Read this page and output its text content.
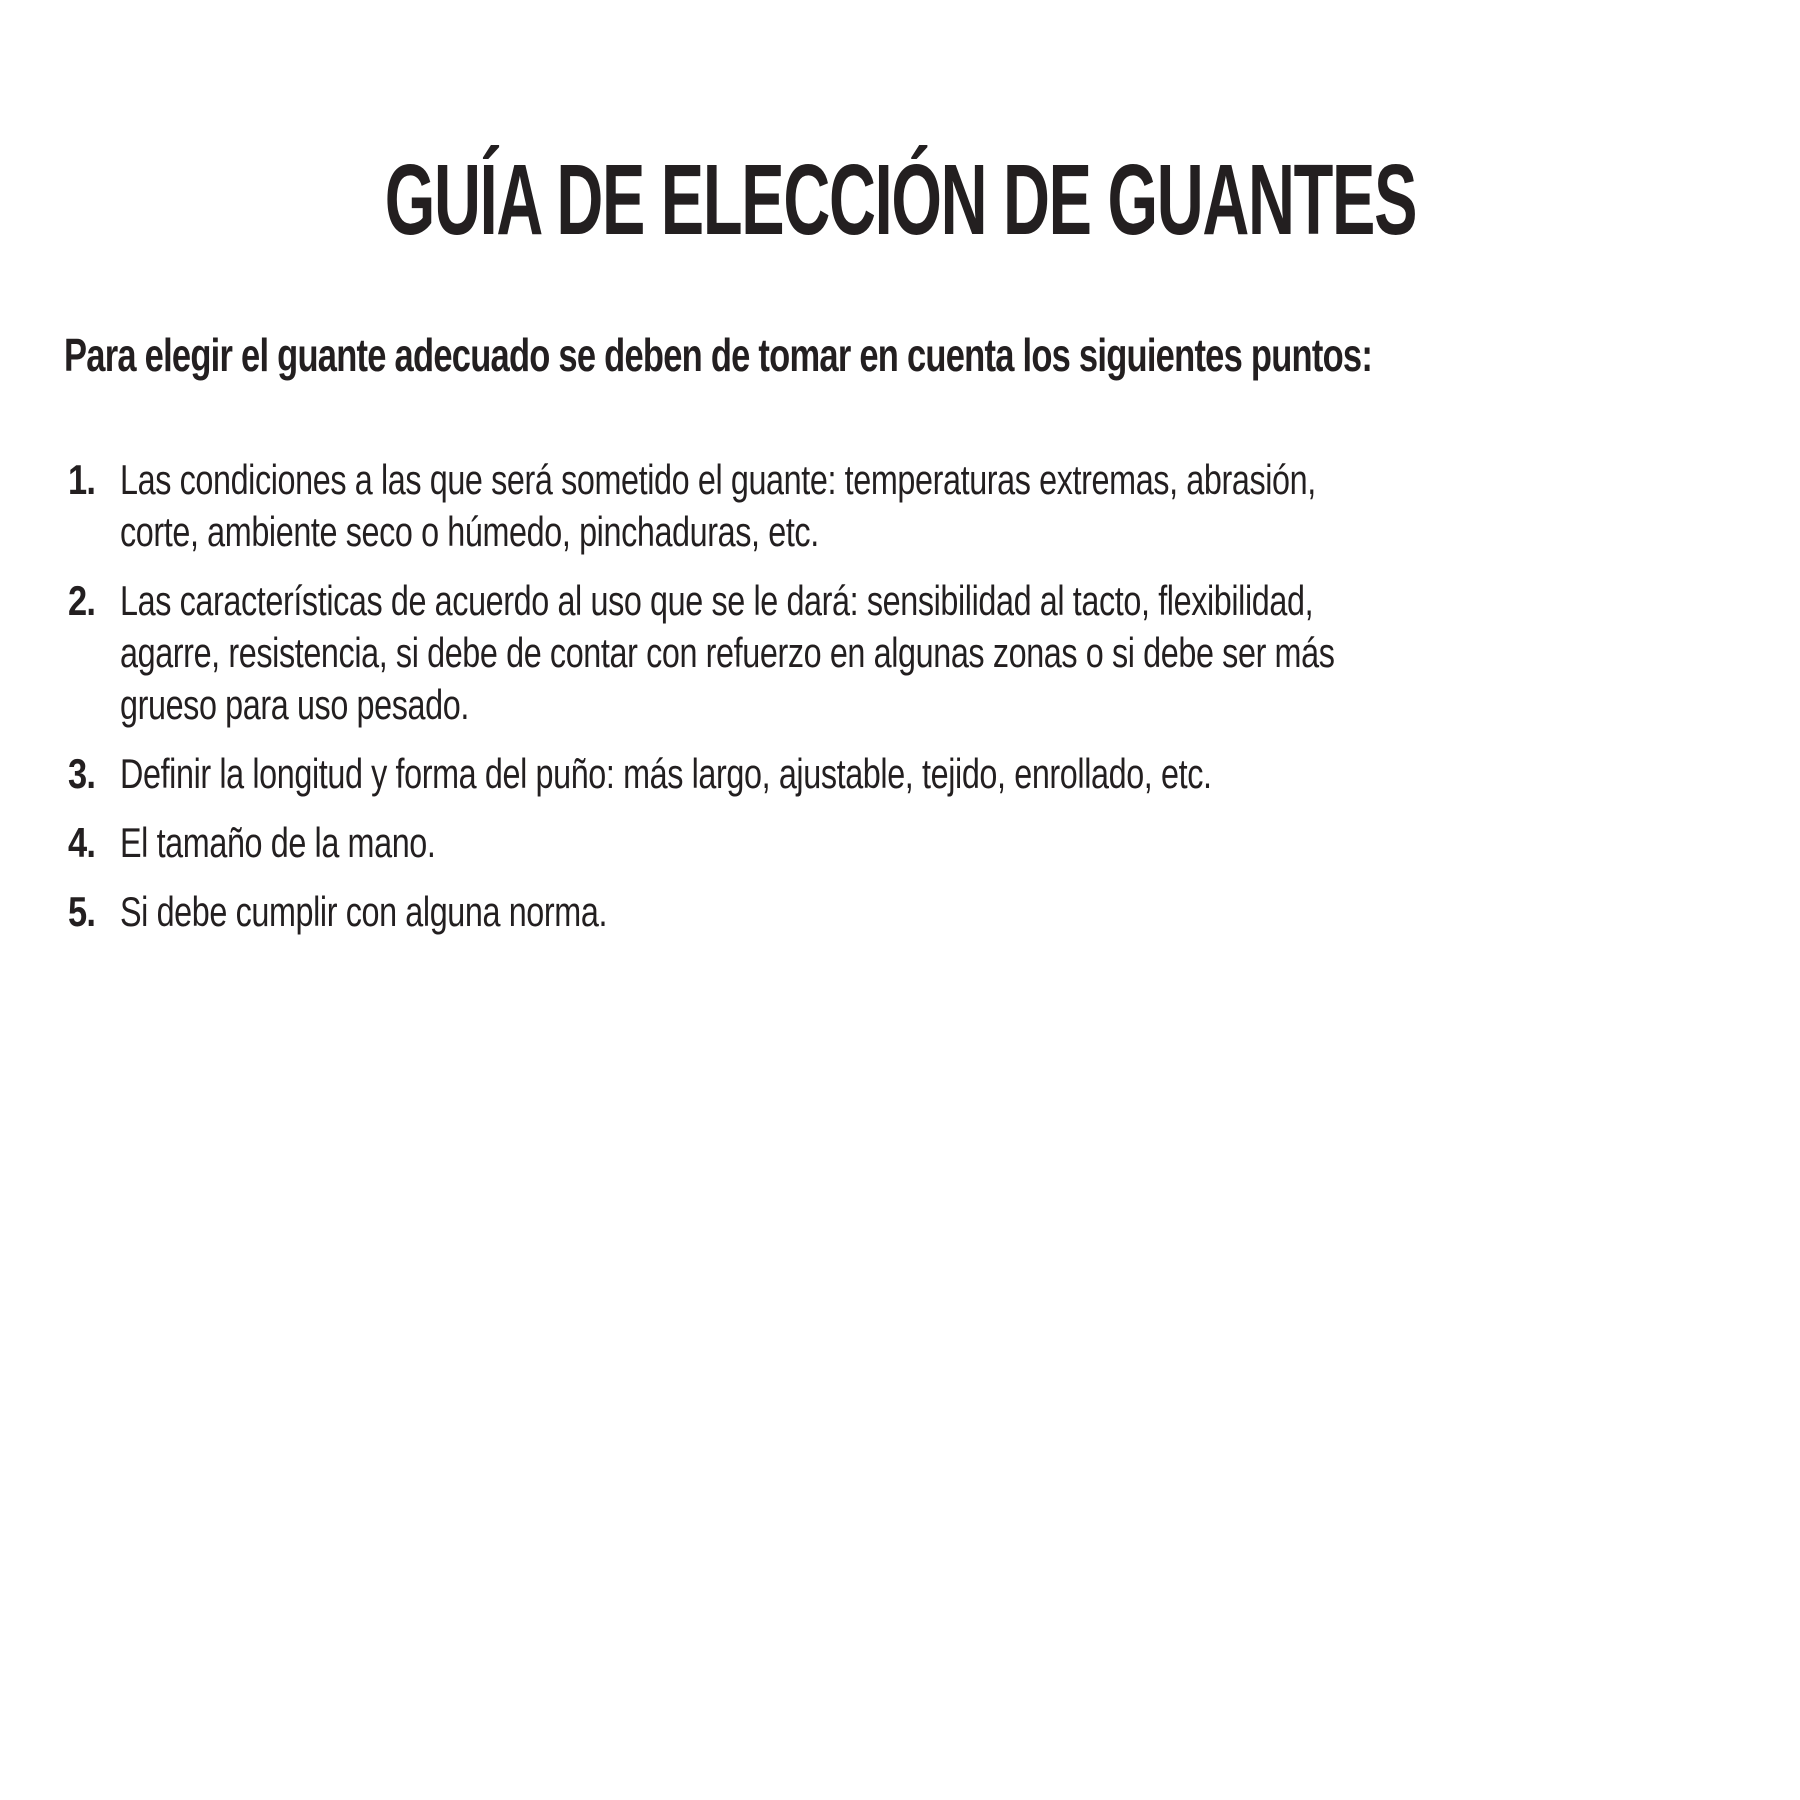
GUÍA DE ELECCIÓN DE GUANTES

Para elegir el guante adecuado se deben de tomar en cuenta los siguientes puntos:

1. Las condiciones a las que será sometido el guante: temperaturas extremas, abrasión,
corte, ambiente seco o húmedo, pinchaduras, etc.
2. Las características de acuerdo al uso que se le dará: sensibilidad al tacto, flexibilidad,
agarre, resistencia, si debe de contar con refuerzo en algunas zonas o si debe ser más
grueso para uso pesado.
3. Definir la longitud y forma del puño: más largo, ajustable, tejido, enrollado, etc.
4. El tamaño de la mano.
5. Si debe cumplir con alguna norma.
